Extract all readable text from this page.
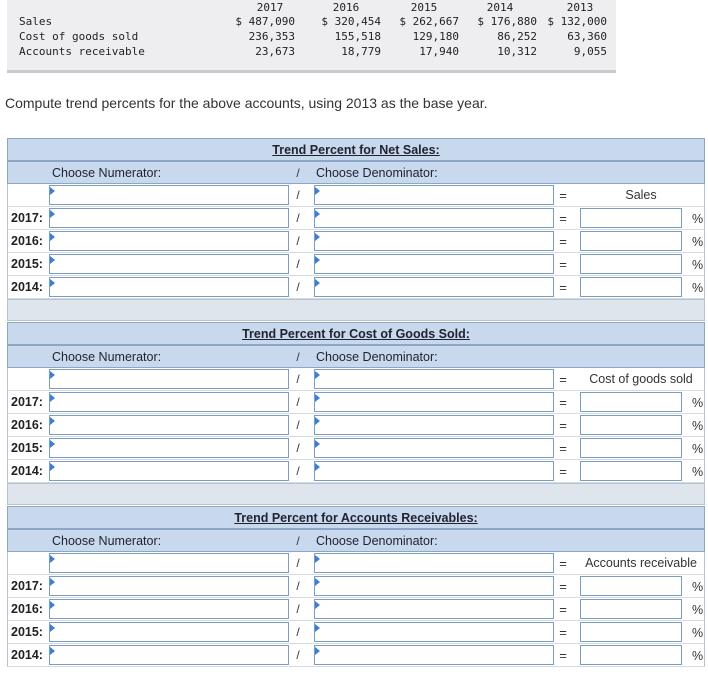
2017	2016	2015	2014	2013
Sales	$ 487,090	$ 320,454	$ 262,667	$ 176,880 $ 132,000
Cost of goods sold	236,353	155,518	129,180	86,252	63,360
Accounts receivable	23,673	18,779	17,940	10,312	9,055
Compute trend percents for the above accounts, using 2013 as the base year.
Trend Percent for Net Sales:
Choose Numerator:	/ Choose Denominator:
/	=	Sales
2017:	/	=	%
2016:	/	=	%
2015:	/	=	%
2014:	/	=	%
Trend Percent for Cost of Goods Sold:
Choose Numerator:	/ Choose Denominator:
/	=	Cost of goods sold
2017:	/	=	%
2016:	/	=	%
2015:	/	=	%
2014:	/	=	%
Trend Percent for Accounts Receivables:
Choose Numerator:	/ Choose Denominator:
/	=	Accounts receivable
2017:	/	=	%
2016:	/	=	%
2015:	/	=	%
2014:	/	=	%
